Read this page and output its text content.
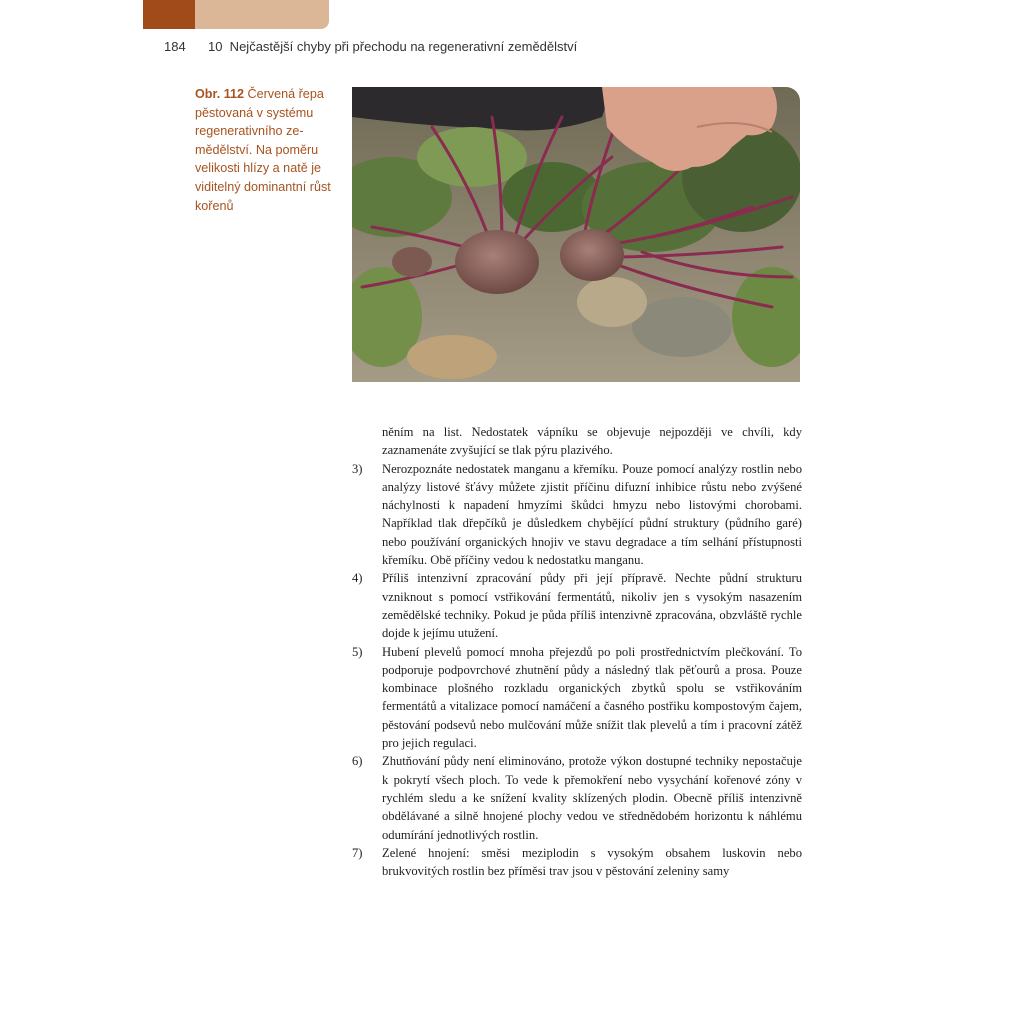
184 10  Nejčastější chyby při přechodu na regenerativní zemědělství
Obr. 112 Červená řepa pěstovaná v systému regenerativního ze-mědělství. Na poměru velikosti hlízy a natě je viditelný dominantní růst kořenů
něním na list. Nedostatek vápníku se objevuje nejpozději ve chvíli, kdy zaznamenáte zvyšující se tlak pýru plazivého.
3)	Nerozpoznáte nedostatek manganu a křemíku. Pouze pomocí analýzy rostlin nebo analýzy listové šťávy můžete zjistit příčinu difuzní inhibice růstu nebo zvýšené náchylnosti k napadení hmyzími škůdci hmyzu nebo listovými chorobami. Například tlak dřepčíků je důsledkem chybějící půdní struktury (půdního garé) nebo používání organických hnojiv ve stavu degradace a tím selhání přístupnosti křemíku. Obě příčiny vedou k nedostatku manganu.
4)	Příliš intenzivní zpracování půdy při její přípravě. Nechte půdní strukturu vzniknout s pomocí vstřikování fermentátů, nikoliv jen s vysokým nasazením zemědělské techniky. Pokud je půda příliš intenzivně zpracována, obzvláště rychle dojde k jejímu utužení.
5)	Hubení plevelů pomocí mnoha přejezdů po poli prostřednictvím plečkování. To podporuje podpovrchové zhutnění půdy a následný tlak pěťourů a prosa. Pouze kombinace plošného rozkladu organických zbytků spolu se vstřikováním fermentátů a vitalizace pomocí namáčení a časného postřiku kompostovým čajem, pěstování podsevů nebo mulčování může snížit tlak plevelů a tím i pracovní zátěž pro jejich regulaci.
6)	Zhutňování půdy není eliminováno, protože výkon dostupné techniky nepostačuje k pokrytí všech ploch. To vede k přemokření nebo vysychání kořenové zóny v rychlém sledu a ke snížení kvality sklízených plodin. Obecně příliš intenzivně obdělávané a silně hnojené plochy vedou ve střednědobém horizontu k náhlému odumírání jednotlivých rostlin.
7)	Zelené hnojení: směsi meziplodin s vysokým obsahem luskovin nebo brukvovitých rostlin bez příměsi trav jsou v pěstování zeleniny samy
